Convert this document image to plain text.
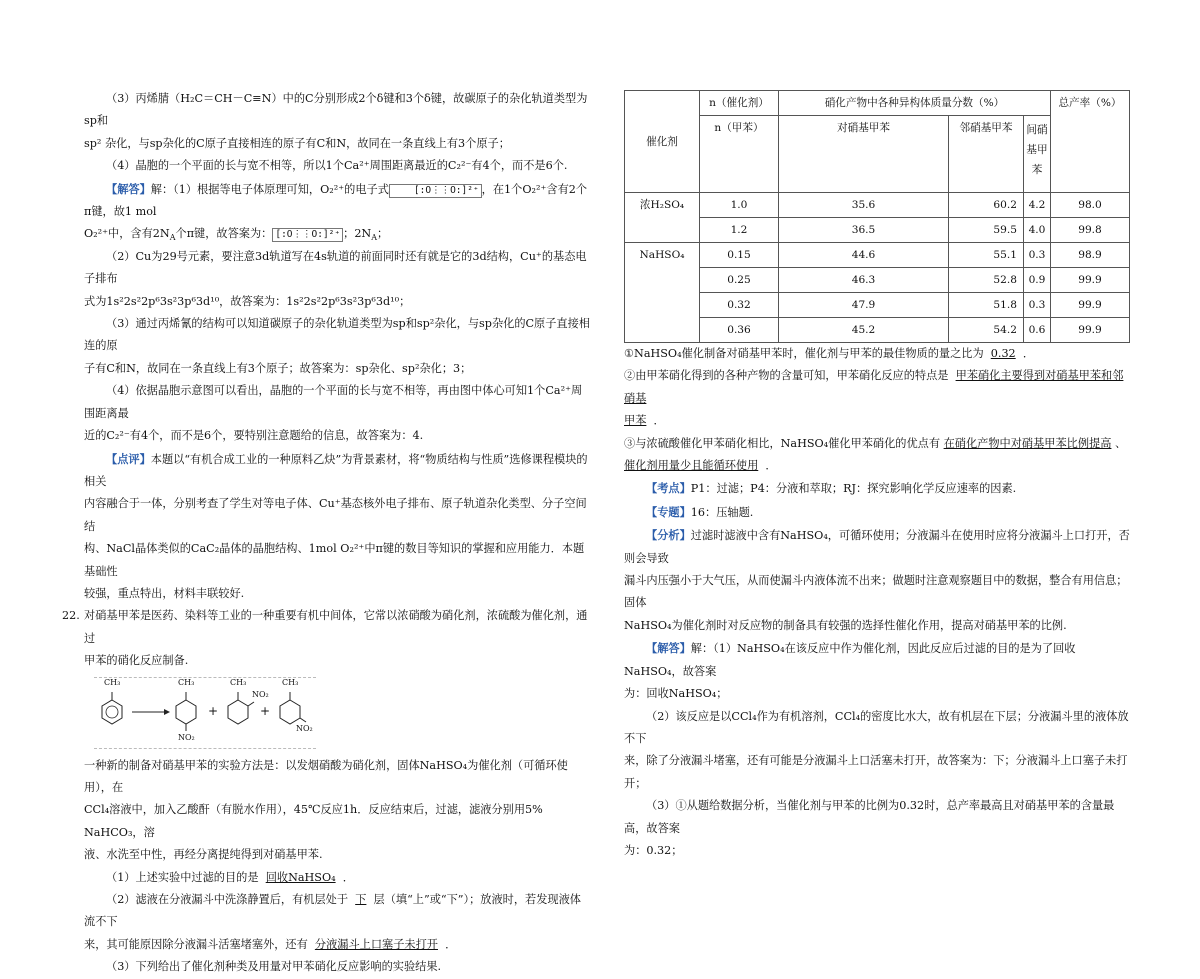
（3）丙烯腈（H₂C＝CH－C≡N）中的C分别形成2个δ键和3个δ键，故碳原子的杂化轨道类型为sp和

sp² 杂化，与sp杂化的C原子直接相连的原子有C和N，故同在一条直线上有3个原子；

（4）晶胞的一个平面的长与宽不相等，所以1个Ca²⁺周围距离最近的C₂²⁻有4个，而不是6个.

【解答】解：（1）根据等电子体原理可知，O₂²⁺的电子式	[:O⋮⋮O:]²⁺ ，在1个O₂²⁺含有2个π键，故1 mol

O₂²⁺中，含有$2N_A$个π键，故答案为： [:O⋮⋮O:]²⁺ ；$2N_A$；

（2）Cu为29号元素，要注意3d轨道写在4s轨道的前面同时还有就是它的3d结构，Cu⁺的基态电子排布

式为1s²2s²2p⁶3s²3p⁶3d¹⁰，故答案为：1s²2s²2p⁶3s²3p⁶3d¹⁰；

（3）通过丙烯氰的结构可以知道碳原子的杂化轨道类型为sp和sp²杂化，与sp杂化的C原子直接相连的原

子有C和N，故同在一条直线上有3个原子；故答案为：sp杂化、sp²杂化；3；

（4）依据晶胞示意图可以看出，晶胞的一个平面的长与宽不相等，再由图中体心可知1个Ca²⁺周围距离最

近的C₂²⁻有4个，而不是6个，要特别注意题给的信息，故答案为：4.

【点评】本题以“有机合成工业的一种原料乙炔”为背景素材，将“物质结构与性质”选修课程模块的相关

内容融合于一体，分别考查了学生对等电子体、Cu⁺基态核外电子排布、原子轨道杂化类型、分子空间结

构、NaCl晶体类似的CaC₂晶体的晶胞结构、1mol O₂²⁺中π键的数目等知识的掌握和应用能力．本题基础性

较强，重点特出，材料丰联较好.

22. 对硝基甲苯是医药、染料等工业的一种重要有机中间体，它常以浓硝酸为硝化剂，浓硫酸为催化剂，通过

甲苯的硝化反应制备.

CH₃	CH₃
NO₂
+
CH₃
NO₂
+
CH₃
NO₂

一种新的制备对硝基甲苯的实验方法是：以发烟硝酸为硝化剂，固体NaHSO₄为催化剂（可循环使用），在

CCl₄溶液中，加入乙酸酐（有脱水作用），45℃反应1h．反应结束后，过滤，滤液分别用5% NaHCO₃，溶

液、水洗至中性，再经分离提纯得到对硝基甲苯.

（1）上述实验中过滤的目的是 回收NaHSO₄ ．

（2）滤液在分液漏斗中洗涤静置后，有机层处于 下 层（填“上”或“下”）；放液时，若发现液体流不下

来，其可能原因除分液漏斗活塞堵塞外，还有 分液漏斗上口塞子未打开 ．

（3）下列给出了催化剂种类及用量对甲苯硝化反应影响的实验结果.

催化剂	n（催化剂）	硝化产物中各种异构体质量分数（%）			总产率（%）
	n（甲苯）	对硝基甲苯	邻硝基甲苯	间硝基甲苯	
浓H₂SO₄	1.0	35.6	60.2	4.2	98.0
	1.2	36.5	59.5	4.0	99.8
NaHSO₄	0.15	44.6	55.1	0.3	98.9
	0.25	46.3	52.8	0.9	99.9
	0.32	47.9	51.8	0.3	99.9
	0.36	45.2	54.2	0.6	99.9

①NaHSO₄催化制备对硝基甲苯时，催化剂与甲苯的最佳物质的量之比为 0.32 ．

②由甲苯硝化得到的各种产物的含量可知，甲苯硝化反应的特点是 甲苯硝化主要得到对硝基甲苯和邻硝基

甲苯 ．

③与浓硫酸催化甲苯硝化相比，NaHSO₄催化甲苯硝化的优点有 在硝化产物中对硝基甲苯比例提高 、

催化剂用量少且能循环使用 ．

【考点】P1：过滤；P4：分液和萃取；RJ：探究影响化学反应速率的因素.

【专题】16：压轴题.

【分析】过滤时滤液中含有NaHSO₄，可循环使用；分液漏斗在使用时应将分液漏斗上口打开，否则会导致

漏斗内压强小于大气压，从而使漏斗内液体流不出来；做题时注意观察题目中的数据，整合有用信息；固体

NaHSO₄为催化剂时对反应物的制备具有较强的选择性催化作用，提高对硝基甲苯的比例.

【解答】解：（1）NaHSO₄在该反应中作为催化剂，因此反应后过滤的目的是为了回收NaHSO₄，故答案

为：回收NaHSO₄；

（2）该反应是以CCl₄作为有机溶剂，CCl₄的密度比水大，故有机层在下层；分液漏斗里的液体放不下

来，除了分液漏斗堵塞，还有可能是分液漏斗上口活塞未打开，故答案为：下；分液漏斗上口塞子未打

开；

（3）①从题给数据分析，当催化剂与甲苯的比例为0.32时，总产率最高且对硝基甲苯的含量最高，故答案

为：0.32；
